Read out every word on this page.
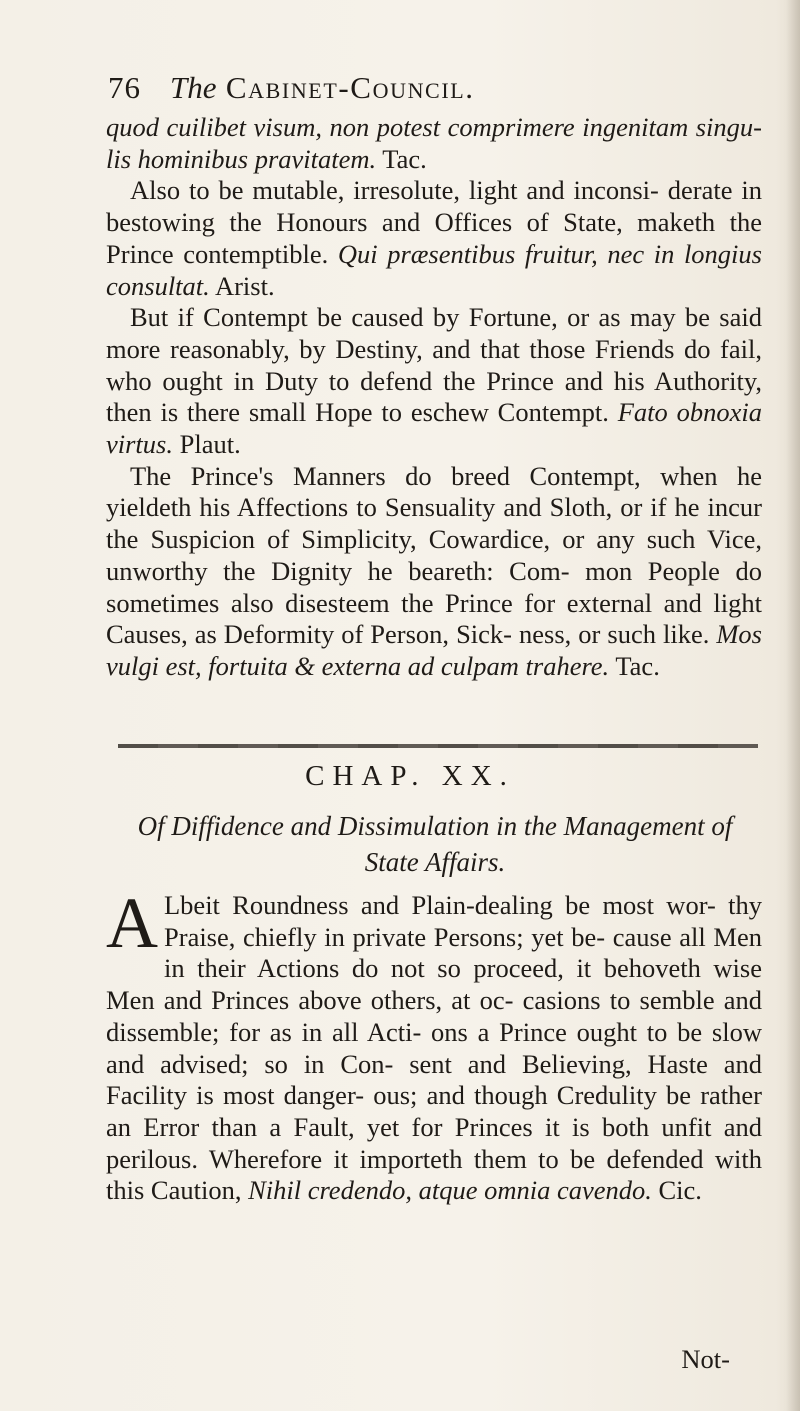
76 The Cabinet-Council.

quod cuilibet visum, non potest comprimere ingenitam singu- lis hominibus pravitatem. Tac.

Also to be mutable, irresolute, light and inconsi- derate in bestowing the Honours and Offices of State, maketh the Prince contemptible. Qui præsentibus fruitur, nec in longius consultat. Arist.

But if Contempt be caused by Fortune, or as may be said more reasonably, by Destiny, and that those Friends do fail, who ought in Duty to defend the Prince and his Authority, then is there small Hope to eschew Contempt. Fato obnoxia virtus. Plaut.

The Prince's Manners do breed Contempt, when he yieldeth his Affections to Sensuality and Sloth, or if he incur the Suspicion of Simplicity, Cowardice, or any such Vice, unworthy the Dignity he beareth: Com- mon People do sometimes also disesteem the Prince for external and light Causes, as Deformity of Person, Sick- ness, or such like. Mos vulgi est, fortuita & externa ad culpam trahere. Tac.

CHAP. XX.
Of Diffidence and Dissimulation in the Management of State Affairs.

A Lbeit Roundness and Plain-dealing be most wor- thy Praise, chiefly in private Persons; yet be- cause all Men in their Actions do not so proceed, it behoveth wise Men and Princes above others, at oc- casions to semble and dissemble; for as in all Acti- ons a Prince ought to be slow and advised; so in Con- sent and Believing, Haste and Facility is most danger- ous; and though Credulity be rather an Error than a Fault, yet for Princes it is both unfit and perilous. Wherefore it importeth them to be defended with this Caution, Nihil credendo, atque omnia cavendo. Cic.

Not-
